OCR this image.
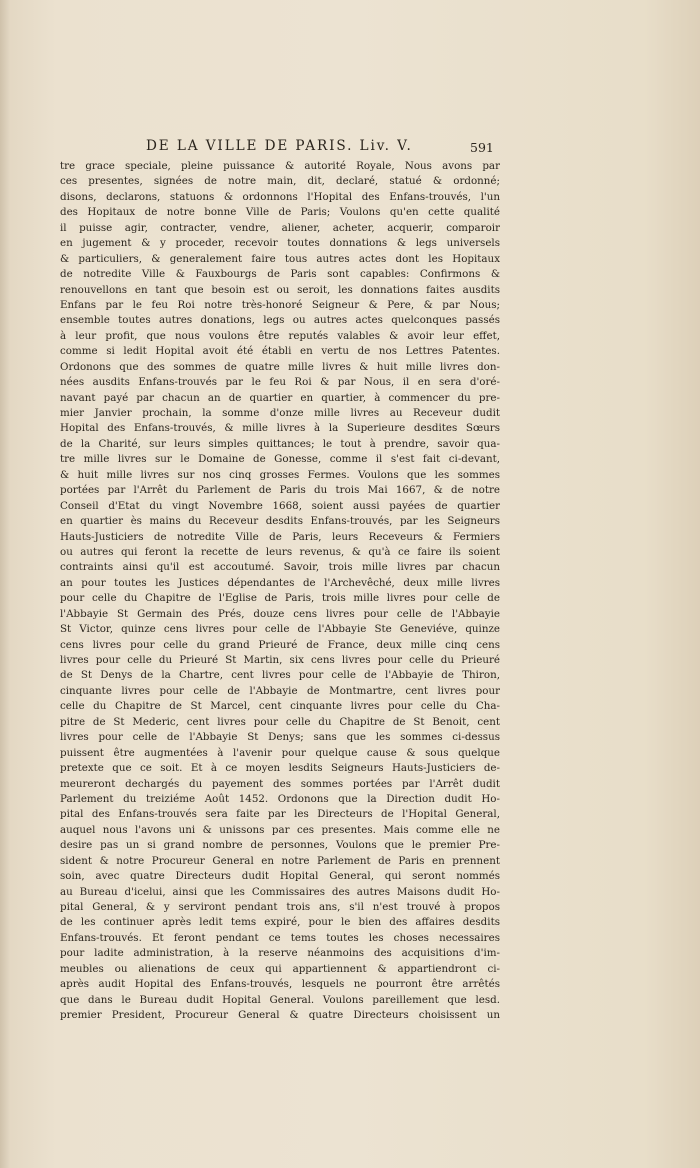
DE LA VILLE DE PARIS. Liv. V.	591
tre grace speciale, pleine puissance & autorité Royale, Nous avons par
ces presentes, signées de notre main, dit, declaré, statué & ordonné;
disons, declarons, statuons & ordonnons l'Hopital des Enfans-trouvés, l'un
des Hopitaux de notre bonne Ville de Paris; Voulons qu'en cette qualité
il puisse agir, contracter, vendre, aliener, acheter, acquerir, comparoir
en jugement & y proceder, recevoir toutes donnations & legs universels
& particuliers, & generalement faire tous autres actes dont les Hopitaux
de notredite Ville & Fauxbourgs de Paris sont capables: Confirmons &
renouvellons en tant que besoin est ou seroit, les donnations faites ausdits
Enfans par le feu Roi notre très-honoré Seigneur & Pere, & par Nous;
ensemble toutes autres donations, legs ou autres actes quelconques passés
à leur profit, que nous voulons être reputés valables & avoir leur effet,
comme si ledit Hopital avoit été établi en vertu de nos Lettres Patentes.
Ordonons que des sommes de quatre mille livres & huit mille livres don-
nées ausdits Enfans-trouvés par le feu Roi & par Nous, il en sera d'oré-
navant payé par chacun an de quartier en quartier, à commencer du pre-
mier Janvier prochain, la somme d'onze mille livres au Receveur dudit
Hopital des Enfans-trouvés, & mille livres à la Superieure desdites Sœurs
de la Charité, sur leurs simples quittances; le tout à prendre, savoir qua-
tre mille livres sur le Domaine de Gonesse, comme il s'est fait ci-devant,
& huit mille livres sur nos cinq grosses Fermes. Voulons que les sommes
portées par l'Arrêt du Parlement de Paris du trois Mai 1667, & de notre
Conseil d'Etat du vingt Novembre 1668, soient aussi payées de quartier
en quartier ès mains du Receveur desdits Enfans-trouvés, par les Seigneurs
Hauts-Justiciers de notredite Ville de Paris, leurs Receveurs & Fermiers
ou autres qui feront la recette de leurs revenus, & qu'à ce faire ils soient
contraints ainsi qu'il est accoutumé. Savoir, trois mille livres par chacun
an pour toutes les Justices dépendantes de l'Archevêché, deux mille livres
pour celle du Chapitre de l'Eglise de Paris, trois mille livres pour celle de
l'Abbayie St Germain des Prés, douze cens livres pour celle de l'Abbayie
St Victor, quinze cens livres pour celle de l'Abbayie Ste Geneviéve, quinze
cens livres pour celle du grand Prieuré de France, deux mille cinq cens
livres pour celle du Prieuré St Martin, six cens livres pour celle du Prieuré
de St Denys de la Chartre, cent livres pour celle de l'Abbayie de Thiron,
cinquante livres pour celle de l'Abbayie de Montmartre, cent livres pour
celle du Chapitre de St Marcel, cent cinquante livres pour celle du Cha-
pitre de St Mederic, cent livres pour celle du Chapitre de St Benoit, cent
livres pour celle de l'Abbayie St Denys; sans que les sommes ci-dessus
puissent être augmentées à l'avenir pour quelque cause & sous quelque
pretexte que ce soit. Et à ce moyen lesdits Seigneurs Hauts-Justiciers de-
meureront dechargés du payement des sommes portées par l'Arrêt dudit
Parlement du treiziéme Août 1452. Ordonons que la Direction dudit Ho-
pital des Enfans-trouvés sera faite par les Directeurs de l'Hopital General,
auquel nous l'avons uni & unissons par ces presentes. Mais comme elle ne
desire pas un si grand nombre de personnes, Voulons que le premier Pre-
sident & notre Procureur General en notre Parlement de Paris en prennent
soin, avec quatre Directeurs dudit Hopital General, qui seront nommés
au Bureau d'icelui, ainsi que les Commissaires des autres Maisons dudit Ho-
pital General, & y serviront pendant trois ans, s'il n'est trouvé à propos
de les continuer après ledit tems expiré, pour le bien des affaires desdits
Enfans-trouvés. Et feront pendant ce tems toutes les choses necessaires
pour ladite administration, à la reserve néanmoins des acquisitions d'im-
meubles ou alienations de ceux qui appartiennent & appartiendront ci-
après audit Hopital des Enfans-trouvés, lesquels ne pourront être arrêtés
que dans le Bureau dudit Hopital General. Voulons pareillement que lesd.
premier President, Procureur General & quatre Directeurs choisissent un
